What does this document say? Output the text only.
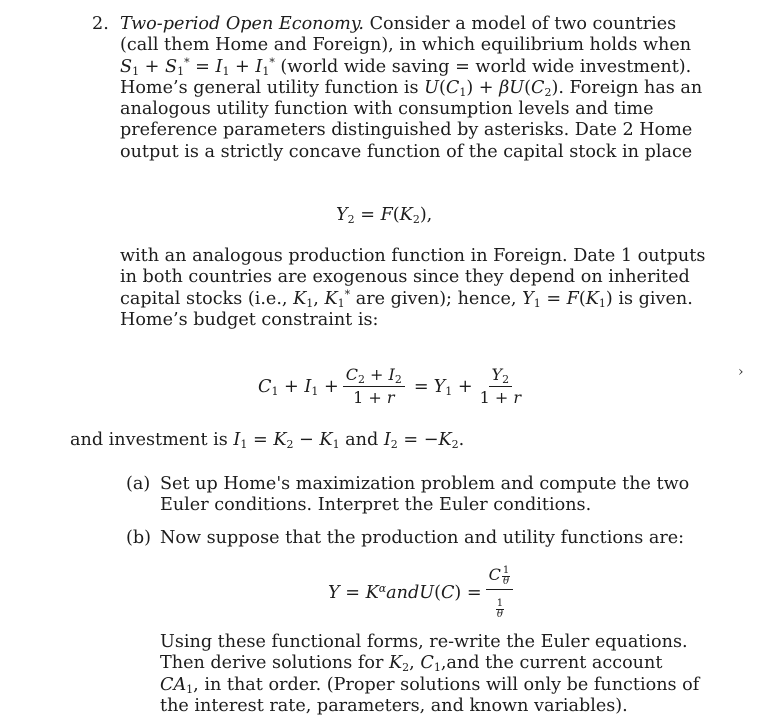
2. Two-period Open Economy. Consider a model of two countries (call them Home and Foreign), in which equilibrium holds when $S_1 + S_1^* = I_1 + I_1^*$ (world wide saving = world wide investment). Home’s general utility function is $U(C_1) + \beta U(C_2)$. Foreign has an analogous utility function with consumption levels and time preference parameters distinguished by asterisks. Date 2 Home output is a strictly concave function of the capital stock in place

$Y_2 = F(K_2)$,

with an analogous production function in Foreign. Date 1 outputs in both countries are exogenous since they depend on inherited capital stocks (i.e., $K_1$, $K_1^*$ are given); hence, $Y_1 = F(K_1)$ is given. Home’s budget constraint is:

$C_1 + I_1 + \frac{C_2 + I_2}{1 + r} = Y_1 + \frac{Y_2}{1 + r}$

and investment is $I_1 = K_2 - K_1$ and $I_2 = -K_2$.

(a) Set up Home's maximization problem and compute the two Euler conditions. Interpret the Euler conditions.

(b) Now suppose that the production and utility functions are:

$Y = K^\alpha andU(C) = \frac{C \frac{1}{\theta}}{\frac{1}{\theta}}$

Using these functional forms, re-write the Euler equations. Then derive solutions for $K_2$, $C_1,and$ the current account $CA_1$, in that order. (Proper solutions will only be functions of the interest rate, parameters, and known variables).

›
